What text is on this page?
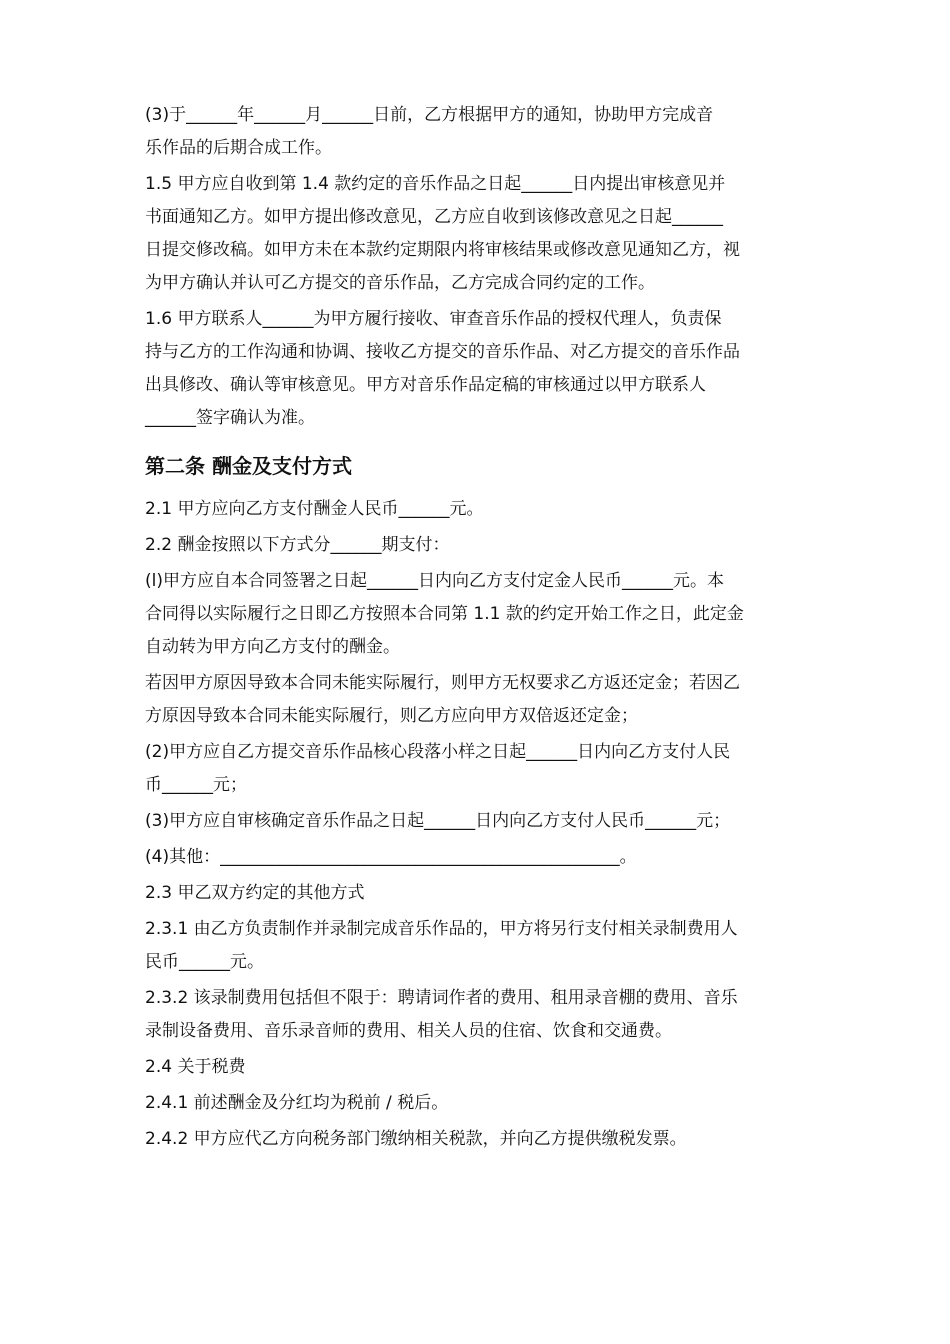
(3)于______年______月______日前，乙方根据甲方的通知，协助甲方完成音
乐作品的后期合成工作。
1.5 甲方应自收到第 1.4 款约定的音乐作品之日起______日内提出审核意见并
书面通知乙方。如甲方提出修改意见，乙方应自收到该修改意见之日起______
日提交修改稿。如甲方未在本款约定期限内将审核结果或修改意见通知乙方，视
为甲方确认并认可乙方提交的音乐作品，乙方完成合同约定的工作。
1.6 甲方联系人______为甲方履行接收、审查音乐作品的授权代理人，负责保
持与乙方的工作沟通和协调、接收乙方提交的音乐作品、对乙方提交的音乐作品
出具修改、确认等审核意见。甲方对音乐作品定稿的审核通过以甲方联系人
______签字确认为准。
第二条 酬金及支付方式
2.1 甲方应向乙方支付酬金人民币______元。
2.2 酬金按照以下方式分______期支付：
(l)甲方应自本合同签署之日起______日内向乙方支付定金人民币______元。本
合同得以实际履行之日即乙方按照本合同第 1.1 款的约定开始工作之日，此定金
自动转为甲方向乙方支付的酬金。
若因甲方原因导致本合同未能实际履行，则甲方无权要求乙方返还定金；若因乙
方原因导致本合同未能实际履行，则乙方应向甲方双倍返还定金；
(2)甲方应自乙方提交音乐作品核心段落小样之日起______日内向乙方支付人民
币______元；
(3)甲方应自审核确定音乐作品之日起______日内向乙方支付人民币______元；
(4)其他：_______________________________________________。
2.3 甲乙双方约定的其他方式
2.3.1 由乙方负责制作并录制完成音乐作品的，甲方将另行支付相关录制费用人
民币______元。
2.3.2 该录制费用包括但不限于：聘请词作者的费用、租用录音棚的费用、音乐
录制设备费用、音乐录音师的费用、相关人员的住宿、饮食和交通费。
2.4 关于税费
2.4.1 前述酬金及分红均为税前 / 税后。
2.4.2 甲方应代乙方向税务部门缴纳相关税款，并向乙方提供缴税发票。
